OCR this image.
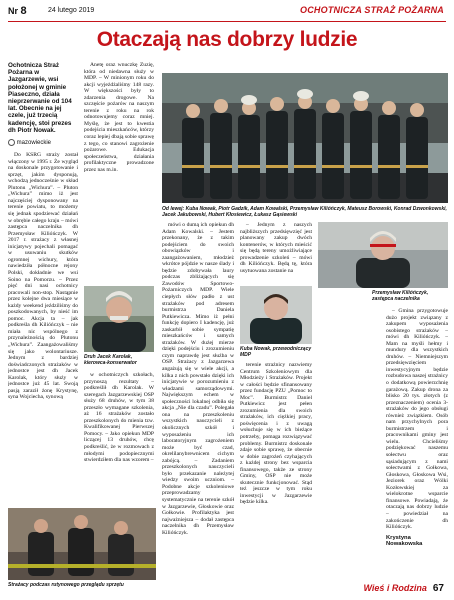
Nr 8	24 lutego 2019	OCHOTNICZA STRAŻ POŻARNA
Otaczają nas dobrzy ludzie
Ochotnicza Straż Pożarna w Jazgarzewie, wsi położonej w gminie Piaseczno, działa nieprzerwanie od 104 lat. Obecnie na jej czele, już trzecią kadencję, stoi prezes dh Piotr Nowak.
mazowieckie

Do KSRG straży został włączony w 1995 r. Że wygląd na doskonale przygotowanie i sprzęt, jakim dysponują, wchodzą jednocześnie w skład Plutonu „Wichura”. – Pluton „Wichura” mimo iż jest najczęściej dysponowany na terenie powiatu, to możemy się jednak spodziewać działań w obrębie całego kraju – mówi zastępca naczelnika dh Przemysław Kilióńczyk. W 2017 r. strażacy z własnej inicjatywy pojechali pomagać w usuwaniu skutków ogromnej wichury, która nawiedziła północne rejony Polski, dokładnie we wsi Soino na Pomorzu. – Przez pięć dni nasi ochotnicy pracowali non-stop. Nastąpnie przez kolejne dwa miesiące w każdy weekend jeździliśmy do poszkodowanych, by nieść im pomoc. Akcja ta – jak podkreśla dh Kilióńczyk – nie miała nic wspólnego z przynależnością do Plutonu „Wichura”. Zaangażowaliśmy się jako wolontariusze. Jednym z bardziej doświadczonych strażaków w jednostce jest dh Jacek Karolak, który służy w jednostce już 45 lat. Swoją pasją zaraził żonę Krystynę, syna Wojciecha, synową

Anetę oraz wnuczkę Zuzię, która od niedawna służy w MDP. – W minionym roku do akcji wyjeżdżaliśmy 148 razy. W większości były to zdarzenia drogowe. Na szczęście pożarów na naszym terenie z roku na rok odnotowujemy coraz mniej. Myślę, że jest to kwestia podejścia mieszkańców, którzy coraz lepiej dbają sobie sprawę z tego, co stanowi zagrożenie pożarowe. Edukacja społeczeństwa, działania profilaktyczne prowadzone przez nas m.in.

Od lewej: Kuba Nowak, Piotr Gadzik, Adam Kowalski, Przemysław Kilióńczyk, Mateusz Borowski, Konrad Dzwonkowski, Jacek Jakubowski, Hubert Kłosiewicz, Łukasz Gąsiewski
Druh Jacek Karolak, kierowca-konserwator

w ochotniczych szkołach, przynoszą rezultaty – podkreślił dh Karolak. W szeregach Jazgarzewskiej OSP służy 68 druhów, w tym 38 przeszło wymagane szkolenia, aż 16 strażaków zostało przeszkolonych do mienia tzw. Kwalifikowanej Pierwszej Pomocy. – Jako opiekun MDP liczącej 13 druhów, chcę podkreślić, że w rozmowach z młodymi podopiecznymi stwierdziłem dla nas wzorem –

mówi o dumą ich opiekun dh Adam Kowalski. – Jestem przekonany, że z takim podejściem do swoich obowiązków i zaangażowaniem, młodzież wkrótce pójdzie w nasze ślady i będzie zdobywała laury podczas zbliżających się Zawodów Sportowo-Pożarniczych MDP. Wiele ciepłych słów padło z ust strażaków pod adresem burmistrza Daniela Putkiewicza. Mimo iż pełni funkcję dopiero I kadencję, już zaskarbił sobie sympatię mieszkańców i samych strażaków. W dużej mierze dzięki podejściu i zrozumieniu czym naprawdę jest służba w OSP. Strażacy z Jazgarzewa angażują się w wiele akcji, a kilka z nich powstało dzięki ich inicjatywie w porozumieniu z władzami samorządowymi. Największym echem w społeczności lokalnej odbiła się akcja „Nie dla czadu”. Polegała ona na przeszkoleniu wszystkich nauczycieli z okolicznych szkół i wyposażeniu ich laboratoryjnym zagrożeniem może być czad, okrelilanybrewnicem cichym zabójcą. – Zadaniem przeszkolonych nauczycieli było przekazanie należytej wiedzy swoim uczniom. – Podobne akcje szkoleniowe przeprowadzamy systematycznie na terenie szkół w Jazgarzewie, Głoskowie oraz Gołkowie. Profilaktyka jest najważniejsza – dodał zastępca naczelnika dh Przemysław Kilióńczyk.

– Jednym z naszych najbliższych przedsięwzięć jest planowany zakup dwóch kontenerów, w których mieścić się będą tereny umożliwiające prowadzenie szkoleń – mówi dh Kilióńczyk. Będą tę, która usytuowana zostanie na

Kuba Nowak, przewodniczący MDP

terenie strażnicy nazwiemy Centrum Szkoleniowym dla Młodzieży i Strażaków. Projekt w całości będzie sfinansowany przez fundację PZU „Pomoc to Moc”. Burmistrz Daniel Putkiewicz jest pełen zrozumienia dla swoich strażaków, ich ciężkiej pracy, poświęcenia i z uwagą wsłuchuje się w ich bieżące potrzeby, pomaga rozwiązywać problemy. Burmistrz doskonale zdaje sobie sprawę, że obecnie w dobie zagrożeń czyhających z każdej strony bez wsparcia finansowego, także ze strony Gminy, OSP nie może skutecznie funkcjonować. Stąd też jeszcze w tym roku inwestycji w Jazgarzewie będzie kilka.

Przemysław Kilióńczyk, zastępca naczelnika

– Gmina przygotowuje dużo projekt związany z zakupem wyposażenia osobistego strażaków – mówi dh Kilióńczyk. – Mam na myśli hełmy i mundury dla wszystkich druhów. – Niemniejszym przedsięwzięciem inwestycyjnym będzie rozbudowa naszej strażnicy o dodatkową powierzchnię garażową. Zakup drona za blisko 20 tys. złotych (z przeznaczeniem) ocenia 3-strażaków do jego obsługi również związkiem. Osób nam przychylnych pora burmistrzem i pracownikami gminy jest wielu. Chcieliśmy podziękować naszemu sołectwu oraz sąsiadującym z nami sołectwami z Gołkowa, Głoskowa, Głoskowa Wsi, Jeziorek oraz Wólki Kozłowskiej za wielokrotne wsparcie finansowe. Powiadają, że otaczają nas dobrzy ludzie – powiedział na zakończenie dh Kilióńczyk.

Krystyna Nowakowska
Strażacy podczas rutynowego przeglądu sprzętu	Wieś i Rodzina 67
